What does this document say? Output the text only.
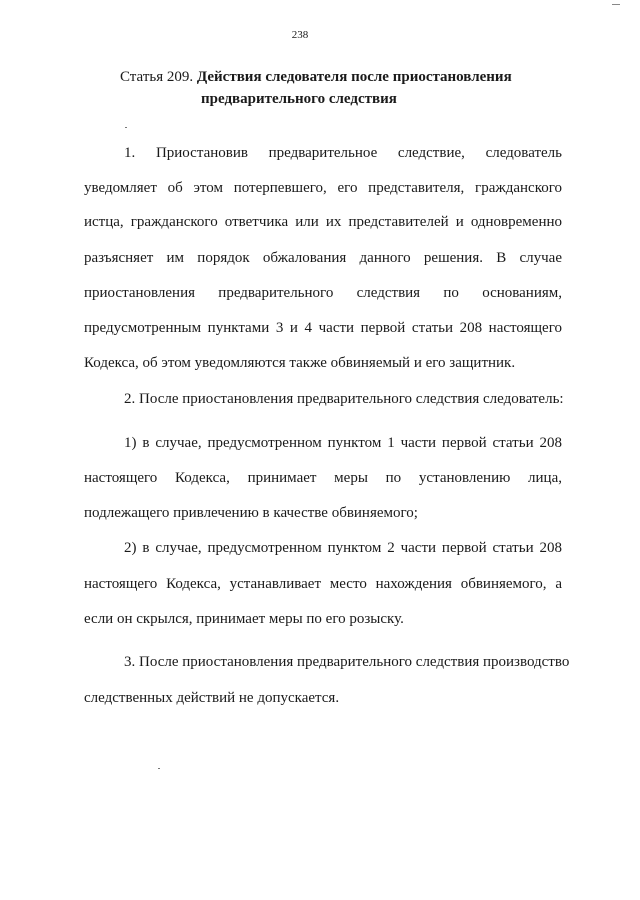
238
Статья 209. Действия следователя после приостановления
предварительного следствия
1. Приостановив предварительное следствие, следователь
уведомляет об этом потерпевшего, его представителя, гражданского
истца, гражданского ответчика или их представителей и одновременно
разъясняет им порядок обжалования данного решения. В случае
приостановления предварительного следствия по основаниям,
предусмотренным пунктами 3 и 4 части первой статьи 208 настоящего
Кодекса, об этом уведомляются также обвиняемый и его защитник.
2. После приостановления предварительного следствия следователь:
1) в случае, предусмотренном пунктом 1 части первой статьи 208
настоящего Кодекса, принимает меры по установлению лица,
подлежащего привлечению в качестве обвиняемого;
2) в случае, предусмотренном пунктом 2 части первой статьи 208
настоящего Кодекса, устанавливает место нахождения обвиняемого, а
если он скрылся, принимает меры по его розыску.
3. После приостановления предварительного следствия производство
следственных действий не допускается.
